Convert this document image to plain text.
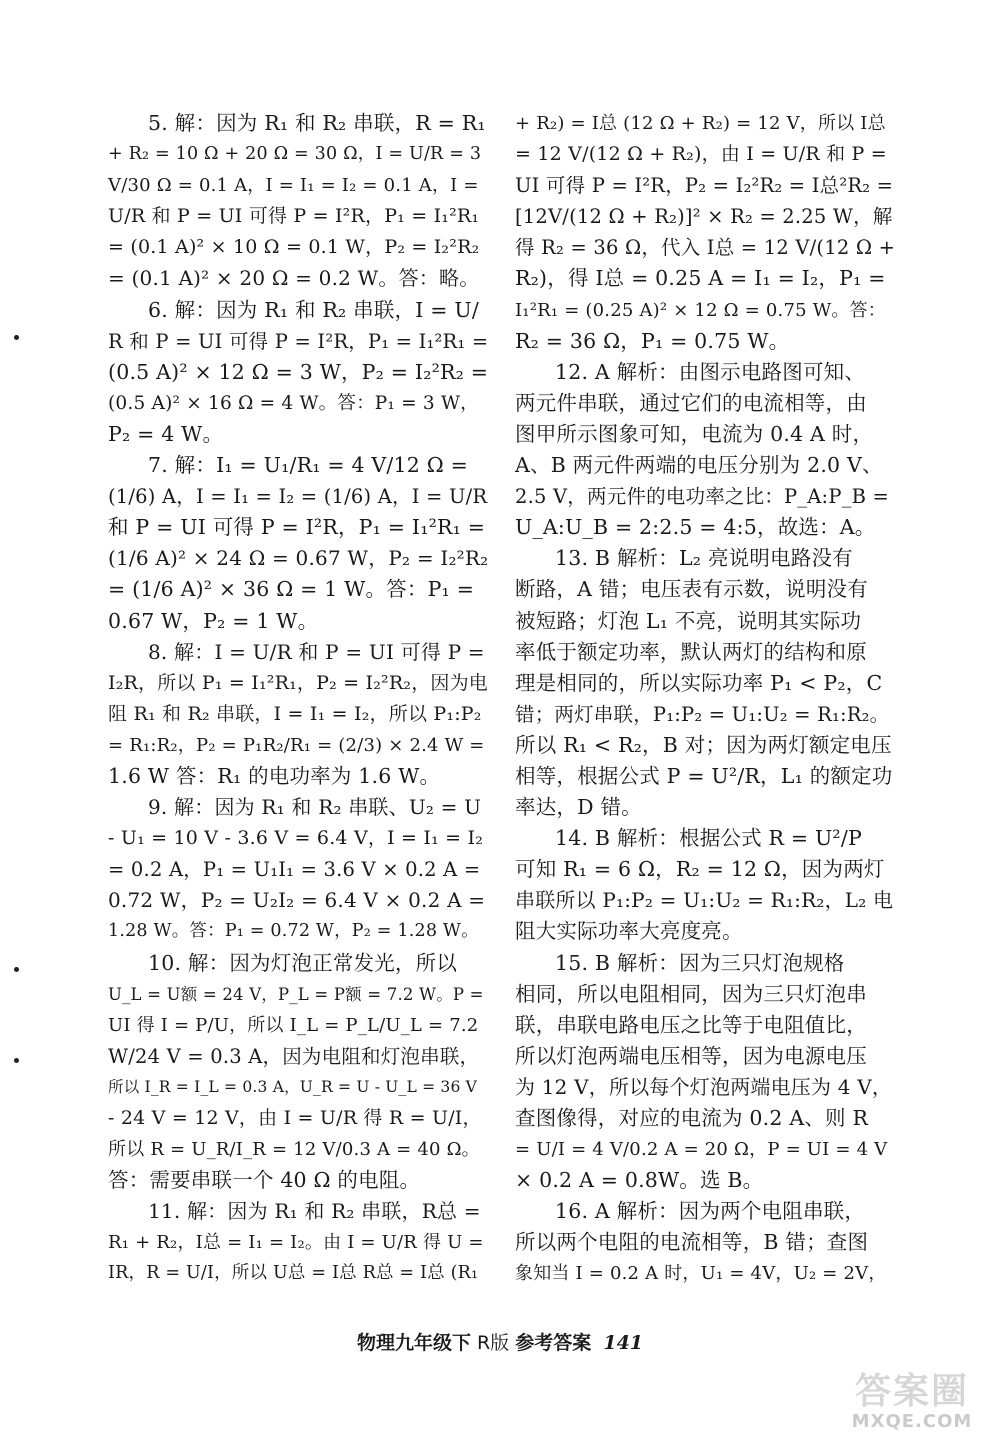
5. 解：因为 R₁ 和 R₂ 串联，R = R₁
+ R₂ = 10 Ω + 20 Ω = 30 Ω，I = U/R = 3
V/30 Ω = 0.1 A，I = I₁ = I₂ = 0.1 A，I =
U/R 和 P = UI 可得 P = I²R，P₁ = I₁²R₁
= (0.1 A)² × 10 Ω = 0.1 W，P₂ = I₂²R₂
= (0.1 A)² × 20 Ω = 0.2 W。答：略。
6. 解：因为 R₁ 和 R₂ 串联，I = U/
R 和 P = UI 可得 P = I²R，P₁ = I₁²R₁ =
(0.5 A)² × 12 Ω = 3 W，P₂ = I₂²R₂ =
(0.5 A)² × 16 Ω = 4 W。答：P₁ = 3 W，
P₂ = 4 W。
7. 解：I₁ = U₁/R₁ = 4 V/12 Ω =
(1/6) A，I = I₁ = I₂ = (1/6) A，I = U/R
和 P = UI 可得 P = I²R，P₁ = I₁²R₁ =
(1/6 A)² × 24 Ω = 0.67 W，P₂ = I₂²R₂
= (1/6 A)² × 36 Ω = 1 W。答：P₁ =
0.67 W，P₂ = 1 W。
8. 解：I = U/R 和 P = UI 可得 P =
I₂R，所以 P₁ = I₁²R₁，P₂ = I₂²R₂，因为电
阻 R₁ 和 R₂ 串联，I = I₁ = I₂，所以 P₁:P₂
= R₁:R₂，P₂ = P₁R₂/R₁ = (2/3) × 2.4 W =
1.6 W 答：R₁ 的电功率为 1.6 W。
9. 解：因为 R₁ 和 R₂ 串联、U₂ = U
- U₁ = 10 V - 3.6 V = 6.4 V，I = I₁ = I₂
= 0.2 A，P₁ = U₁I₁ = 3.6 V × 0.2 A =
0.72 W，P₂ = U₂I₂ = 6.4 V × 0.2 A =
1.28 W。答：P₁ = 0.72 W，P₂ = 1.28 W。
10. 解：因为灯泡正常发光，所以
U_L = U额 = 24 V，P_L = P额 = 7.2 W。P =
UI 得 I = P/U，所以 I_L = P_L/U_L = 7.2
W/24 V = 0.3 A，因为电阻和灯泡串联，
所以 I_R = I_L = 0.3 A，U_R = U - U_L = 36 V
- 24 V = 12 V，由 I = U/R 得 R = U/I，
所以 R = U_R/I_R = 12 V/0.3 A = 40 Ω。
答：需要串联一个 40 Ω 的电阻。
11. 解：因为 R₁ 和 R₂ 串联，R总 =
R₁ + R₂，I总 = I₁ = I₂。由 I = U/R 得 U =
IR，R = U/I，所以 U总 = I总 R总 = I总 (R₁
+ R₂) = I总 (12 Ω + R₂) = 12 V，所以 I总
= 12 V/(12 Ω + R₂)，由 I = U/R 和 P =
UI 可得 P = I²R，P₂ = I₂²R₂ = I总²R₂ =
[12V/(12 Ω + R₂)]² × R₂ = 2.25 W，解
得 R₂ = 36 Ω，代入 I总 = 12 V/(12 Ω +
R₂)，得 I总 = 0.25 A = I₁ = I₂，P₁ =
I₁²R₁ = (0.25 A)² × 12 Ω = 0.75 W。答：
R₂ = 36 Ω，P₁ = 0.75 W。
12. A 解析：由图示电路图可知、
两元件串联，通过它们的电流相等，由
图甲所示图象可知，电流为 0.4 A 时，
A、B 两元件两端的电压分别为 2.0 V、
2.5 V，两元件的电功率之比：P_A:P_B =
U_A:U_B = 2:2.5 = 4:5，故选：A。
13. B 解析：L₂ 亮说明电路没有
断路，A 错；电压表有示数，说明没有
被短路；灯泡 L₁ 不亮，说明其实际功
率低于额定功率，默认两灯的结构和原
理是相同的，所以实际功率 P₁ < P₂，C
错；两灯串联，P₁:P₂ = U₁:U₂ = R₁:R₂。
所以 R₁ < R₂，B 对；因为两灯额定电压
相等，根据公式 P = U²/R，L₁ 的额定功
率达，D 错。
14. B 解析：根据公式 R = U²/P
可知 R₁ = 6 Ω，R₂ = 12 Ω，因为两灯
串联所以 P₁:P₂ = U₁:U₂ = R₁:R₂，L₂ 电
阻大实际功率大亮度亮。
15. B 解析：因为三只灯泡规格
相同，所以电阻相同，因为三只灯泡串
联，串联电路电压之比等于电阻值比，
所以灯泡两端电压相等，因为电源电压
为 12 V，所以每个灯泡两端电压为 4 V，
查图像得，对应的电流为 0.2 A、则 R
= U/I = 4 V/0.2 A = 20 Ω，P = UI = 4 V
× 0.2 A = 0.8W。选 B。
16. A 解析：因为两个电阻串联，
所以两个电阻的电流相等，B 错；查图
象知当 I = 0.2 A 时，U₁ = 4V，U₂ = 2V，
物理九年级下 R版 参考答案 141
答案圈
MXQE.COM
